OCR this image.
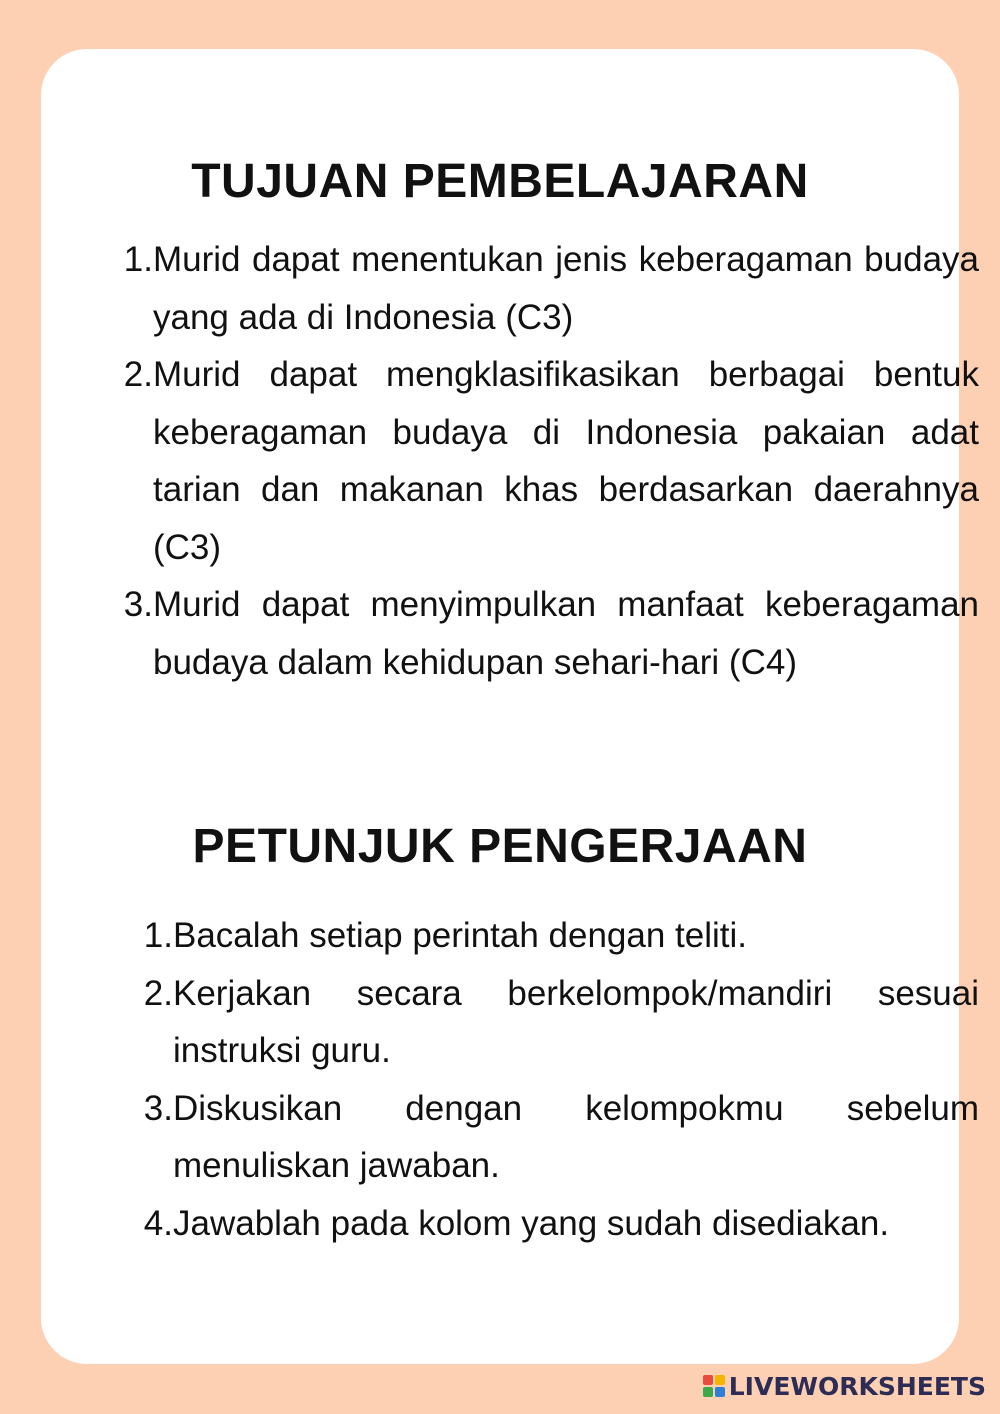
TUJUAN PEMBELAJARAN
1. Murid dapat menentukan jenis keberagaman budaya yang ada di Indonesia (C3)
2. Murid dapat mengklasifikasikan berbagai bentuk keberagaman budaya di Indonesia pakaian adat tarian dan makanan khas berdasarkan daerahnya (C3)
3. Murid dapat menyimpulkan manfaat keberagaman budaya dalam kehidupan sehari-hari (C4)
PETUNJUK PENGERJAAN
1. Bacalah setiap perintah dengan teliti.
2. Kerjakan secara berkelompok/mandiri sesuai instruksi guru.
3. Diskusikan dengan kelompokmu sebelum menuliskan jawaban.
4. Jawablah pada kolom yang sudah disediakan.
LIVEWORKSHEETS
